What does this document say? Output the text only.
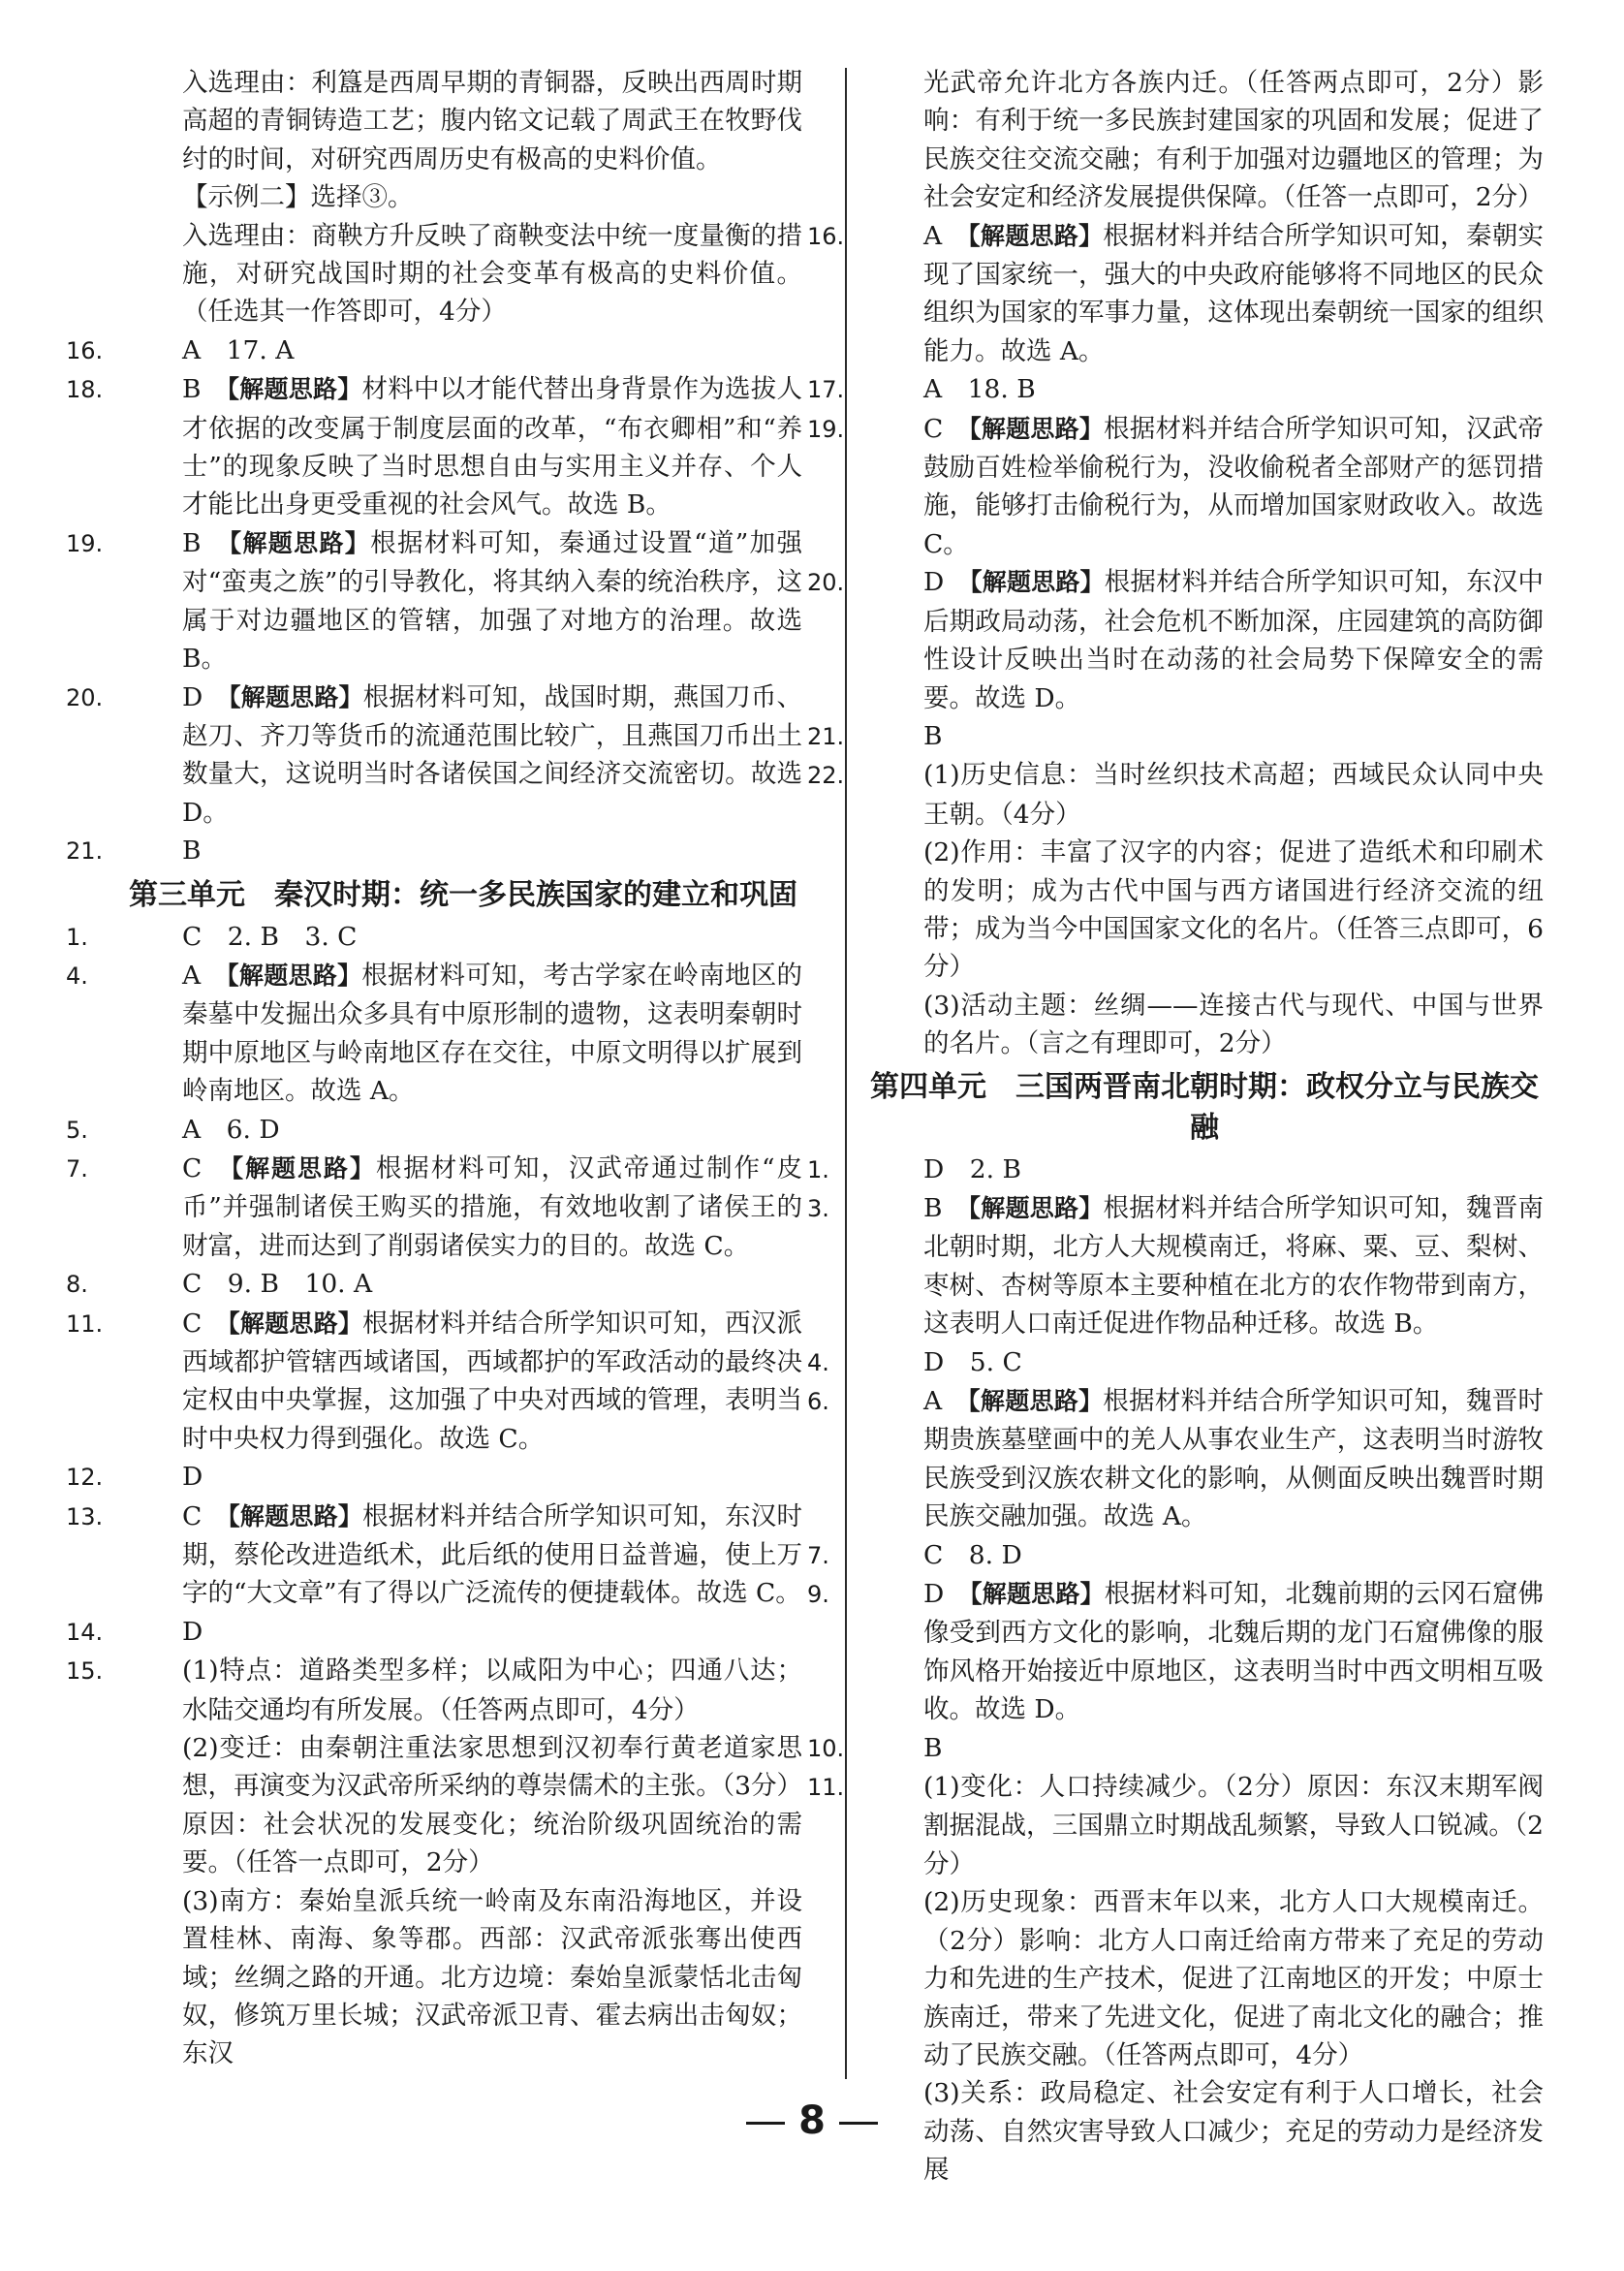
入选理由：利簋是西周早期的青铜器，反映出西周时期高超的青铜铸造工艺；腹内铭文记载了周武王在牧野伐纣的时间，对研究西周历史有极高的史料价值。
【示例二】选择③。
入选理由：商鞅方升反映了商鞅变法中统一度量衡的措施，对研究战国时期的社会变革有极高的史料价值。（任选其一作答即可，4分）
16.	A　17. A
18.	B　【解题思路】材料中以才能代替出身背景作为选拔人才依据的改变属于制度层面的改革，“布衣卿相”和“养士”的现象反映了当时思想自由与实用主义并存、个人才能比出身更受重视的社会风气。故选 B。
19.	B　【解题思路】根据材料可知，秦通过设置“道”加强对“蛮夷之族”的引导教化，将其纳入秦的统治秩序，这属于对边疆地区的管辖，加强了对地方的治理。故选 B。
20.	D　【解题思路】根据材料可知，战国时期，燕国刀币、赵刀、齐刀等货币的流通范围比较广，且燕国刀币出土数量大，这说明当时各诸侯国之间经济交流密切。故选 D。
21.	B
第三单元　秦汉时期：统一多民族国家的建立和巩固
1.	C　2. B　3. C
4.	A　【解题思路】根据材料可知，考古学家在岭南地区的秦墓中发掘出众多具有中原形制的遗物，这表明秦朝时期中原地区与岭南地区存在交往，中原文明得以扩展到岭南地区。故选 A。
5.	A　6. D
7.	C　【解题思路】根据材料可知，汉武帝通过制作“皮币”并强制诸侯王购买的措施，有效地收割了诸侯王的财富，进而达到了削弱诸侯实力的目的。故选 C。
8.	C　9. B　10. A
11.	C　【解题思路】根据材料并结合所学知识可知，西汉派西域都护管辖西域诸国，西域都护的军政活动的最终决定权由中央掌握，这加强了中央对西域的管理，表明当时中央权力得到强化。故选 C。
12.	D
13.	C　【解题思路】根据材料并结合所学知识可知，东汉时期，蔡伦改进造纸术，此后纸的使用日益普遍，使上万字的“大文章”有了得以广泛流传的便捷载体。故选 C。
14.	D
15.	(1)特点：道路类型多样；以咸阳为中心；四通八达；水陆交通均有所发展。（任答两点即可，4分）
(2)变迁：由秦朝注重法家思想到汉初奉行黄老道家思想，再演变为汉武帝所采纳的尊崇儒术的主张。（3分）原因：社会状况的发展变化；统治阶级巩固统治的需要。（任答一点即可，2分）
(3)南方：秦始皇派兵统一岭南及东南沿海地区，并设置桂林、南海、象等郡。西部：汉武帝派张骞出使西域；丝绸之路的开通。北方边境：秦始皇派蒙恬北击匈奴，修筑万里长城；汉武帝派卫青、霍去病出击匈奴；东汉
光武帝允许北方各族内迁。（任答两点即可，2分）影响：有利于统一多民族封建国家的巩固和发展；促进了民族交往交流交融；有利于加强对边疆地区的管理；为社会安定和经济发展提供保障。（任答一点即可，2分）
16.	A　【解题思路】根据材料并结合所学知识可知，秦朝实现了国家统一，强大的中央政府能够将不同地区的民众组织为国家的军事力量，这体现出秦朝统一国家的组织能力。故选 A。
17.	A　18. B
19.	C　【解题思路】根据材料并结合所学知识可知，汉武帝鼓励百姓检举偷税行为，没收偷税者全部财产的惩罚措施，能够打击偷税行为，从而增加国家财政收入。故选 C。
20.	D　【解题思路】根据材料并结合所学知识可知，东汉中后期政局动荡，社会危机不断加深，庄园建筑的高防御性设计反映出当时在动荡的社会局势下保障安全的需要。故选 D。
21.	B
22.	(1)历史信息：当时丝织技术高超；西域民众认同中央王朝。（4分）
(2)作用：丰富了汉字的内容；促进了造纸术和印刷术的发明；成为古代中国与西方诸国进行经济交流的纽带；成为当今中国国家文化的名片。（任答三点即可，6分）
(3)活动主题：丝绸——连接古代与现代、中国与世界的名片。（言之有理即可，2分）
第四单元　三国两晋南北朝时期：政权分立与民族交融
1.	D　2. B
3.	B　【解题思路】根据材料并结合所学知识可知，魏晋南北朝时期，北方人大规模南迁，将麻、粟、豆、梨树、枣树、杏树等原本主要种植在北方的农作物带到南方，这表明人口南迁促进作物品种迁移。故选 B。
4.	D　5. C
6.	A　【解题思路】根据材料并结合所学知识可知，魏晋时期贵族墓壁画中的羌人从事农业生产，这表明当时游牧民族受到汉族农耕文化的影响，从侧面反映出魏晋时期民族交融加强。故选 A。
7.	C　8. D
9.	D　【解题思路】根据材料可知，北魏前期的云冈石窟佛像受到西方文化的影响，北魏后期的龙门石窟佛像的服饰风格开始接近中原地区，这表明当时中西文明相互吸收。故选 D。
10.	B
11.	(1)变化：人口持续减少。（2分）原因：东汉末期军阀割据混战，三国鼎立时期战乱频繁，导致人口锐减。（2分）
(2)历史现象：西晋末年以来，北方人口大规模南迁。（2分）影响：北方人口南迁给南方带来了充足的劳动力和先进的生产技术，促进了江南地区的开发；中原士族南迁，带来了先进文化，促进了南北文化的融合；推动了民族交融。（任答两点即可，4分）
(3)关系：政局稳定、社会安定有利于人口增长，社会动荡、自然灾害导致人口减少；充足的劳动力是经济发展
8
